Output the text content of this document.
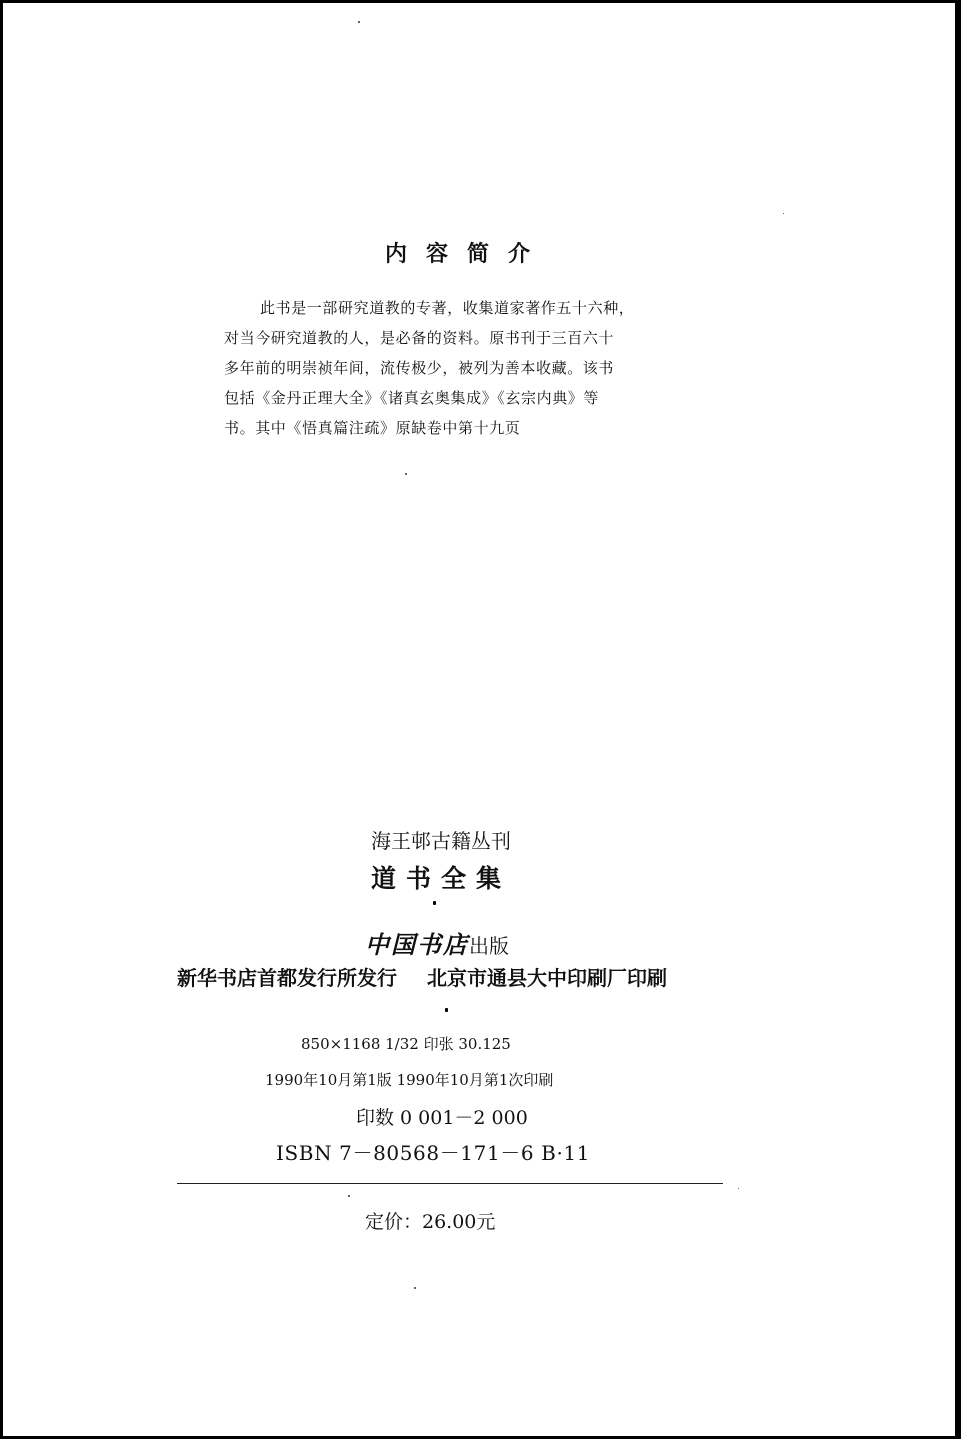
内容简介
此书是一部研究道教的专著，收集道家著作五十六种，
对当今研究道教的人，是必备的资料。原书刊于三百六十
多年前的明崇祯年间，流传极少，被列为善本收藏。该书
包括《金丹正理大全》《诸真玄奥集成》《玄宗内典》等
书。其中《悟真篇注疏》原缺卷中第十九页
海王邨古籍丛刊
道书全集
中国书店出版
新华书店首都发行所发行 北京市通县大中印刷厂印刷
850×1168 1/32 印张 30.125
1990年10月第1版 1990年10月第1次印刷
印数 0 001－2 000
ISBN 7－80568－171－6 B·11
定价：26.00元
